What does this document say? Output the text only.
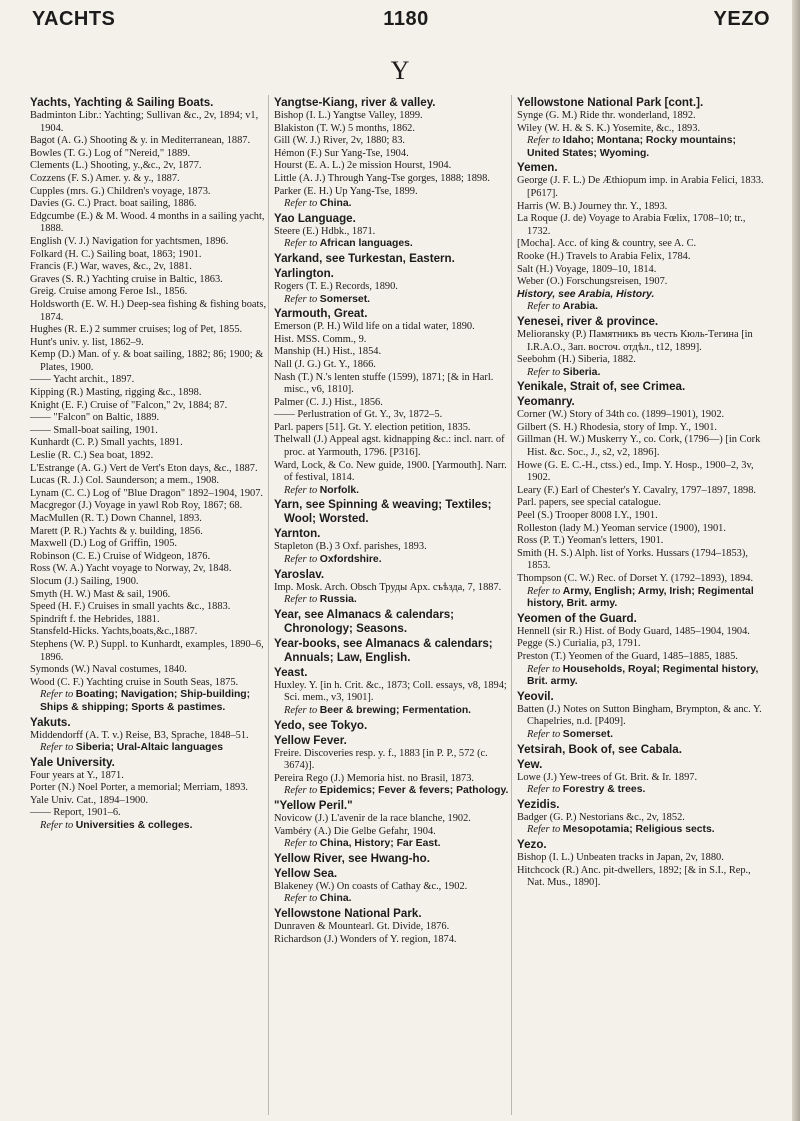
YACHTS	1180	YEZO
Y

Yachts, Yachting & Sailing Boats.

Badminton Libr.: Yachting; Sullivan &c., 2v, 1894; v1, 1904.

Bagot (A. G.) Shooting & y. in Mediterranean, 1887.

Bowles (T. G.) Log of "Nereid," 1889.

Clements (L.) Shooting, y.,&c., 2v, 1877.

Cozzens (F. S.) Amer. y. & y., 1887.

Cupples (mrs. G.) Children's voyage, 1873.

Davies (G. C.) Pract. boat sailing, 1886.

Edgcumbe (E.) & M. Wood. 4 months in a sailing yacht, 1888.

English (V. J.) Navigation for yachtsmen, 1896.

Folkard (H. C.) Sailing boat, 1863; 1901.

Francis (F.) War, waves, &c., 2v, 1881.

Graves (S. R.) Yachting cruise in Baltic, 1863.

Greig. Cruise among Feroe Isl., 1856.

Holdsworth (E. W. H.) Deep-sea fishing & fishing boats, 1874.

Hughes (R. E.) 2 summer cruises; log of Pet, 1855.

Hunt's univ. y. list, 1862–9.

Kemp (D.) Man. of y. & boat sailing, 1882; 86; 1900; & Plates, 1900.

—— Yacht archit., 1897.

Kipping (R.) Masting, rigging &c., 1898.

Knight (E. F.) Cruise of "Falcon," 2v, 1884; 87.

—— "Falcon" on Baltic, 1889.

—— Small-boat sailing, 1901.

Kunhardt (C. P.) Small yachts, 1891.

Leslie (R. C.) Sea boat, 1892.

L'Estrange (A. G.) Vert de Vert's Eton days, &c., 1887.

Lucas (R. J.) Col. Saunderson; a mem., 1908.

Lynam (C. C.) Log of "Blue Dragon" 1892–1904, 1907.

Macgregor (J.) Voyage in yawl Rob Roy, 1867; 68.

MacMullen (R. T.) Down Channel, 1893.

Marett (P. R.) Yachts & y. building, 1856.

Maxwell (D.) Log of Griffin, 1905.

Robinson (C. E.) Cruise of Widgeon, 1876.

Ross (W. A.) Yacht voyage to Norway, 2v, 1848.

Slocum (J.) Sailing, 1900.

Smyth (H. W.) Mast & sail, 1906.

Speed (H. F.) Cruises in small yachts &c., 1883.

Spindrift f. the Hebrides, 1881.

Stansfeld-Hicks. Yachts,boats,&c.,1887.

Stephens (W. P.) Suppl. to Kunhardt, examples, 1890–6, 1896.

Symonds (W.) Naval costumes, 1840.

Wood (C. F.) Yachting cruise in South Seas, 1875.

Refer to Boating; Navigation; Ship-building; Ships & shipping; Sports & pastimes.

Yakuts.

Middendorff (A. T. v.) Reise, B3, Sprache, 1848–51.

Refer to Siberia; Ural-Altaic languages

Yale University.

Four years at Y., 1871.

Porter (N.) Noel Porter, a memorial; Merriam, 1893.

Yale Univ. Cat., 1894–1900.

—— Report, 1901–6.

Refer to Universities & colleges.

Yangtse-Kiang, river & valley.

Bishop (I. L.) Yangtse Valley, 1899.

Blakiston (T. W.) 5 months, 1862.

Gill (W. J.) River, 2v, 1880; 83.

Hémon (F.) Sur Yang-Tse, 1904.

Hourst (E. A. L.) 2e mission Hourst, 1904.

Little (A. J.) Through Yang-Tse gorges, 1888; 1898.

Parker (E. H.) Up Yang-Tse, 1899.

Refer to China.

Yao Language.

Steere (E.) Hdbk., 1871.

Refer to African languages.

Yarkand, see Turkestan, Eastern.

Yarlington.

Rogers (T. E.) Records, 1890.

Refer to Somerset.

Yarmouth, Great.

Emerson (P. H.) Wild life on a tidal water, 1890.

Hist. MSS. Comm., 9.

Manship (H.) Hist., 1854.

Nall (J. G.) Gt. Y., 1866.

Nash (T.) N.'s lenten stuffe (1599), 1871; [& in Harl. misc., v6, 1810].

Palmer (C. J.) Hist., 1856.

—— Perlustration of Gt. Y., 3v, 1872–5.

Parl. papers [51]. Gt. Y. election petition, 1835.

Thelwall (J.) Appeal agst. kidnapping &c.: incl. narr. of proc. at Yarmouth, 1796. [P316].

Ward, Lock, & Co. New guide, 1900. [Yarmouth]. Narr. of festival, 1814.

Refer to Norfolk.

Yarn, see Spinning & weaving; Textiles; Wool; Worsted.

Yarnton.

Stapleton (B.) 3 Oxf. parishes, 1893.

Refer to Oxfordshire.

Yaroslav.

Imp. Mosk. Arch. Obsch Труды Арх. съѣзда, 7, 1887.

Refer to Russia.

Year, see Almanacs & calendars; Chronology; Seasons.

Year-books, see Almanacs & calendars; Annuals; Law, English.

Yeast.

Huxley. Y. [in h. Crit. &c., 1873; Coll. essays, v8, 1894; Sci. mem., v3, 1901].

Refer to Beer & brewing; Fermentation.

Yedo, see Tokyo.

Yellow Fever.

Freire. Discoveries resp. y. f., 1883 [in P. P., 572 (c. 3674)].

Pereira Rego (J.) Memoria hist. no Brasil, 1873.

Refer to Epidemics; Fever & fevers; Pathology.

"Yellow Peril."

Novicow (J.) L'avenir de la race blanche, 1902.

Vambéry (A.) Die Gelbe Gefahr, 1904.

Refer to China, History; Far East.

Yellow River, see Hwang-ho.

Yellow Sea.

Blakeney (W.) On coasts of Cathay &c., 1902.

Refer to China.

Yellowstone National Park.

Dunraven & Mountearl. Gt. Divide, 1876.

Richardson (J.) Wonders of Y. region, 1874.

Yellowstone National Park [cont.].

Synge (G. M.) Ride thr. wonderland, 1892.

Wiley (W. H. & S. K.) Yosemite, &c., 1893.

Refer to Idaho; Montana; Rocky mountains; United States; Wyoming.

Yemen.

George (J. F. L.) De Æthiopum imp. in Arabia Felici, 1833. [P617].

Harris (W. B.) Journey thr. Y., 1893.

La Roque (J. de) Voyage to Arabia Fœlix, 1708–10; tr., 1732.

[Mocha]. Acc. of king & country, see A. C.

Rooke (H.) Travels to Arabia Felix, 1784.

Salt (H.) Voyage, 1809–10, 1814.

Weber (O.) Forschungsreisen, 1907.

History, see Arabia, History.

Refer to Arabia.

Yenesei, river & province.

Melioransky (P.) Памятникъ въ честь Кюль-Тегина [in I.R.A.O., Зап. восточ. отдѣл., t12, 1899].

Seebohm (H.) Siberia, 1882.

Refer to Siberia.

Yenikale, Strait of, see Crimea.

Yeomanry.

Corner (W.) Story of 34th co. (1899–1901), 1902.

Gilbert (S. H.) Rhodesia, story of Imp. Y., 1901.

Gillman (H. W.) Muskerry Y., co. Cork, (1796—) [in Cork Hist. &c. Soc., J., s2, v2, 1896].

Howe (G. E. C.-H., ctss.) ed., Imp. Y. Hosp., 1900–2, 3v, 1902.

Leary (F.) Earl of Chester's Y. Cavalry, 1797–1897, 1898.

Parl. papers, see special catalogue.

Peel (S.) Trooper 8008 I.Y., 1901.

Rolleston (lady M.) Yeoman service (1900), 1901.

Ross (P. T.) Yeoman's letters, 1901.

Smith (H. S.) Alph. list of Yorks. Hussars (1794–1853), 1853.

Thompson (C. W.) Rec. of Dorset Y. (1792–1893), 1894.

Refer to Army, English; Army, Irish; Regimental history, Brit. army.

Yeomen of the Guard.

Hennell (sir R.) Hist. of Body Guard, 1485–1904, 1904.

Pegge (S.) Curialia, p3, 1791.

Preston (T.) Yeomen of the Guard, 1485–1885, 1885.

Refer to Households, Royal; Regimental history, Brit. army.

Yeovil.

Batten (J.) Notes on Sutton Bingham, Brympton, & anc. Y. Chapelries, n.d. [P409].

Refer to Somerset.

Yetsirah, Book of, see Cabala.

Yew.

Lowe (J.) Yew-trees of Gt. Brit. & Ir. 1897.

Refer to Forestry & trees.

Yezidis.

Badger (G. P.) Nestorians &c., 2v, 1852.

Refer to Mesopotamia; Religious sects.

Yezo.

Bishop (I. L.) Unbeaten tracks in Japan, 2v, 1880.

Hitchcock (R.) Anc. pit-dwellers, 1892; [& in S.I., Rep., Nat. Mus., 1890].
